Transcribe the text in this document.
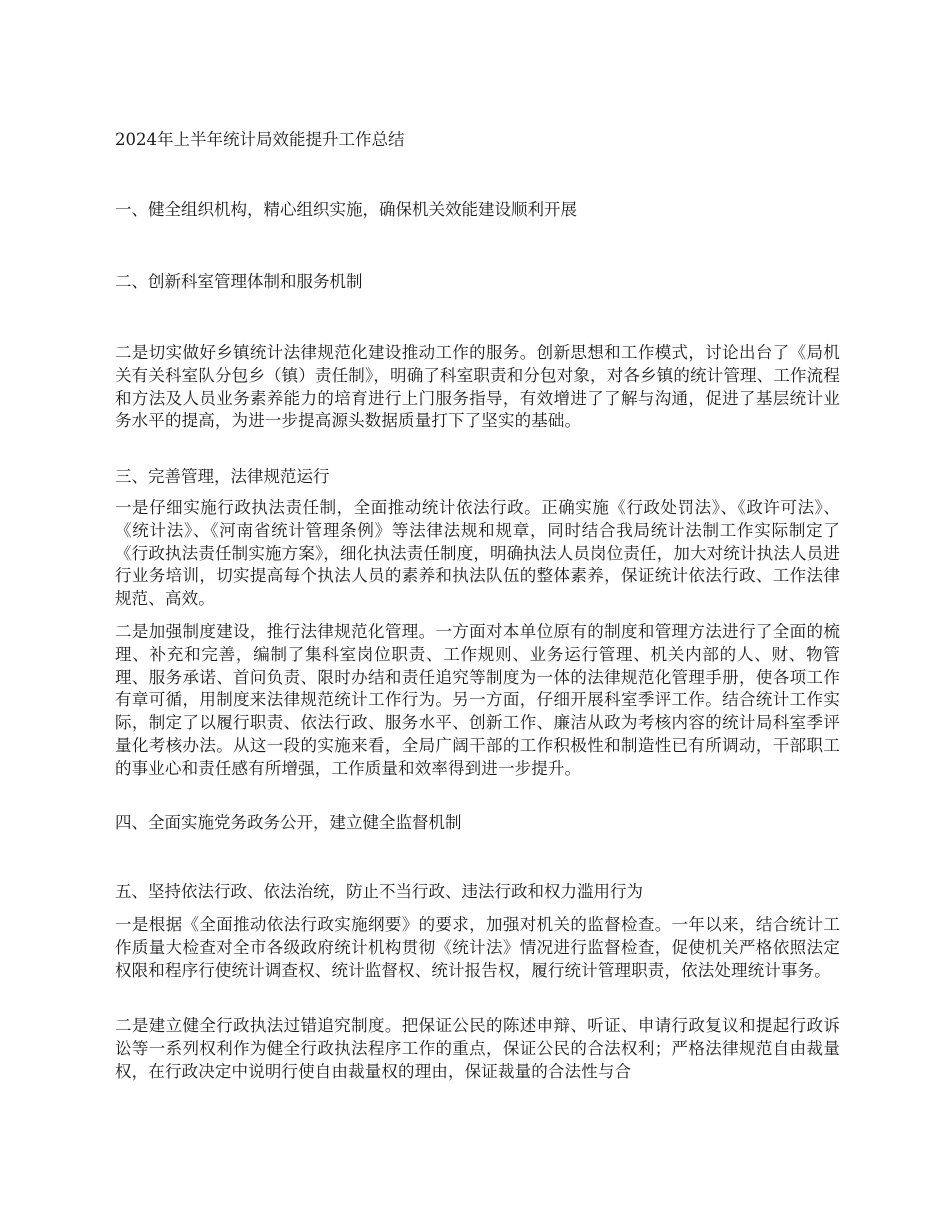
2024年上半年统计局效能提升工作总结
一、健全组织机构，精心组织实施，确保机关效能建设顺利开展
二、创新科室管理体制和服务机制
二是切实做好乡镇统计法律规范化建设推动工作的服务。创新思想和工作模式，讨论出台了《局机关有关科室队分包乡（镇）责任制》，明确了科室职责和分包对象，对各乡镇的统计管理、工作流程和方法及人员业务素养能力的培育进行上门服务指导，有效增进了了解与沟通，促进了基层统计业务水平的提高，为进一步提高源头数据质量打下了坚实的基础。
三、完善管理，法律规范运行
一是仔细实施行政执法责任制，全面推动统计依法行政。正确实施《行政处罚法》、《政许可法》、《统计法》、《河南省统计管理条例》等法律法规和规章，同时结合我局统计法制工作实际制定了《行政执法责任制实施方案》，细化执法责任制度，明确执法人员岗位责任，加大对统计执法人员进行业务培训，切实提高每个执法人员的素养和执法队伍的整体素养，保证统计依法行政、工作法律规范、高效。
二是加强制度建设，推行法律规范化管理。一方面对本单位原有的制度和管理方法进行了全面的梳理、补充和完善，编制了集科室岗位职责、工作规则、业务运行管理、机关内部的人、财、物管理、服务承诺、首问负责、限时办结和责任追究等制度为一体的法律规范化管理手册，使各项工作有章可循，用制度来法律规范统计工作行为。另一方面，仔细开展科室季评工作。结合统计工作实际，制定了以履行职责、依法行政、服务水平、创新工作、廉洁从政为考核内容的统计局科室季评量化考核办法。从这一段的实施来看，全局广阔干部的工作积极性和制造性已有所调动，干部职工的事业心和责任感有所增强，工作质量和效率得到进一步提升。
四、全面实施党务政务公开，建立健全监督机制
五、坚持依法行政、依法治统，防止不当行政、违法行政和权力滥用行为
一是根据《全面推动依法行政实施纲要》的要求，加强对机关的监督检查。一年以来，结合统计工作质量大检查对全市各级政府统计机构贯彻《统计法》情况进行监督检查，促使机关严格依照法定权限和程序行使统计调查权、统计监督权、统计报告权，履行统计管理职责，依法处理统计事务。
二是建立健全行政执法过错追究制度。把保证公民的陈述申辩、听证、申请行政复议和提起行政诉讼等一系列权利作为健全行政执法程序工作的重点，保证公民的合法权利；严格法律规范自由裁量权，在行政决定中说明行使自由裁量权的理由，保证裁量的合法性与合
